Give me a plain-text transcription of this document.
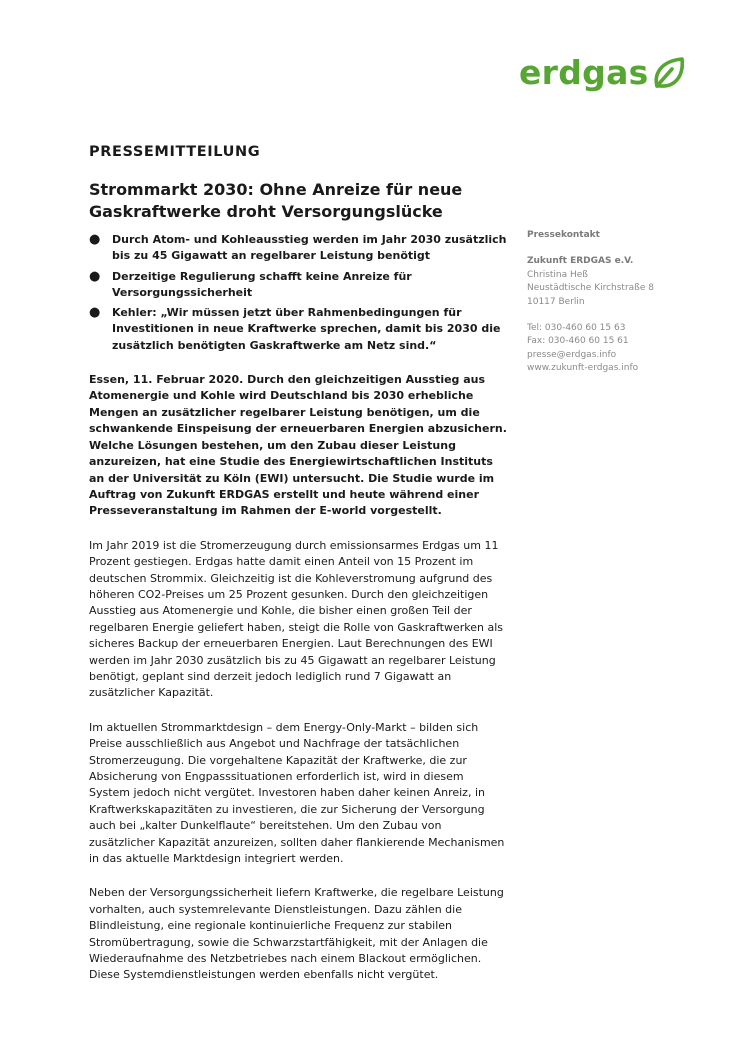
erdgas
PRESSEMITTEILUNG
Strommarkt 2030: Ohne Anreize für neue Gaskraftwerke droht Versorgungslücke
● Durch Atom- und Kohleausstieg werden im Jahr 2030 zusätzlich bis zu 45 Gigawatt an regelbarer Leistung benötigt
● Derzeitige Regulierung schafft keine Anreize für Versorgungssicherheit
● Kehler: „Wir müssen jetzt über Rahmenbedingungen für Investitionen in neue Kraftwerke sprechen, damit bis 2030 die zusätzlich benötigten Gaskraftwerke am Netz sind.“

Essen, 11. Februar 2020. Durch den gleichzeitigen Ausstieg aus Atomenergie und Kohle wird Deutschland bis 2030 erhebliche Mengen an zusätzlicher regelbarer Leistung benötigen, um die schwankende Einspeisung der erneuerbaren Energien abzusichern. Welche Lösungen bestehen, um den Zubau dieser Leistung anzureizen, hat eine Studie des Energiewirtschaftlichen Instituts an der Universität zu Köln (EWI) untersucht. Die Studie wurde im Auftrag von Zukunft ERDGAS erstellt und heute während einer Presseveranstaltung im Rahmen der E-world vorgestellt.

Im Jahr 2019 ist die Stromerzeugung durch emissionsarmes Erdgas um 11 Prozent gestiegen. Erdgas hatte damit einen Anteil von 15 Prozent im deutschen Strommix. Gleichzeitig ist die Kohleverstromung aufgrund des höheren CO2-Preises um 25 Prozent gesunken. Durch den gleichzeitigen Ausstieg aus Atomenergie und Kohle, die bisher einen großen Teil der regelbaren Energie geliefert haben, steigt die Rolle von Gaskraftwerken als sicheres Backup der erneuerbaren Energien. Laut Berechnungen des EWI werden im Jahr 2030 zusätzlich bis zu 45 Gigawatt an regelbarer Leistung benötigt, geplant sind derzeit jedoch lediglich rund 7 Gigawatt an zusätzlicher Kapazität.

Im aktuellen Strommarktdesign – dem Energy-Only-Markt – bilden sich Preise ausschließlich aus Angebot und Nachfrage der tatsächlichen Stromerzeugung. Die vorgehaltene Kapazität der Kraftwerke, die zur Absicherung von Engpasssituationen erforderlich ist, wird in diesem System jedoch nicht vergütet. Investoren haben daher keinen Anreiz, in Kraftwerkskapazitäten zu investieren, die zur Sicherung der Versorgung auch bei „kalter Dunkelflaute“ bereitstehen. Um den Zubau von zusätzlicher Kapazität anzureizen, sollten daher flankierende Mechanismen in das aktuelle Marktdesign integriert werden.

Neben der Versorgungssicherheit liefern Kraftwerke, die regelbare Leistung vorhalten, auch systemrelevante Dienstleistungen. Dazu zählen die Blindleistung, eine regionale kontinuierliche Frequenz zur stabilen Stromübertragung, sowie die Schwarzstartfähigkeit, mit der Anlagen die Wiederaufnahme des Netzbetriebes nach einem Blackout ermöglichen. Diese Systemdienstleistungen werden ebenfalls nicht vergütet.

Pressekontakt
Zukunft ERDGAS e.V.
Christina Heß
Neustädtische Kirchstraße 8
10117 Berlin
Tel: 030-460 60 15 63
Fax: 030-460 60 15 61
presse@erdgas.info
www.zukunft-erdgas.info
